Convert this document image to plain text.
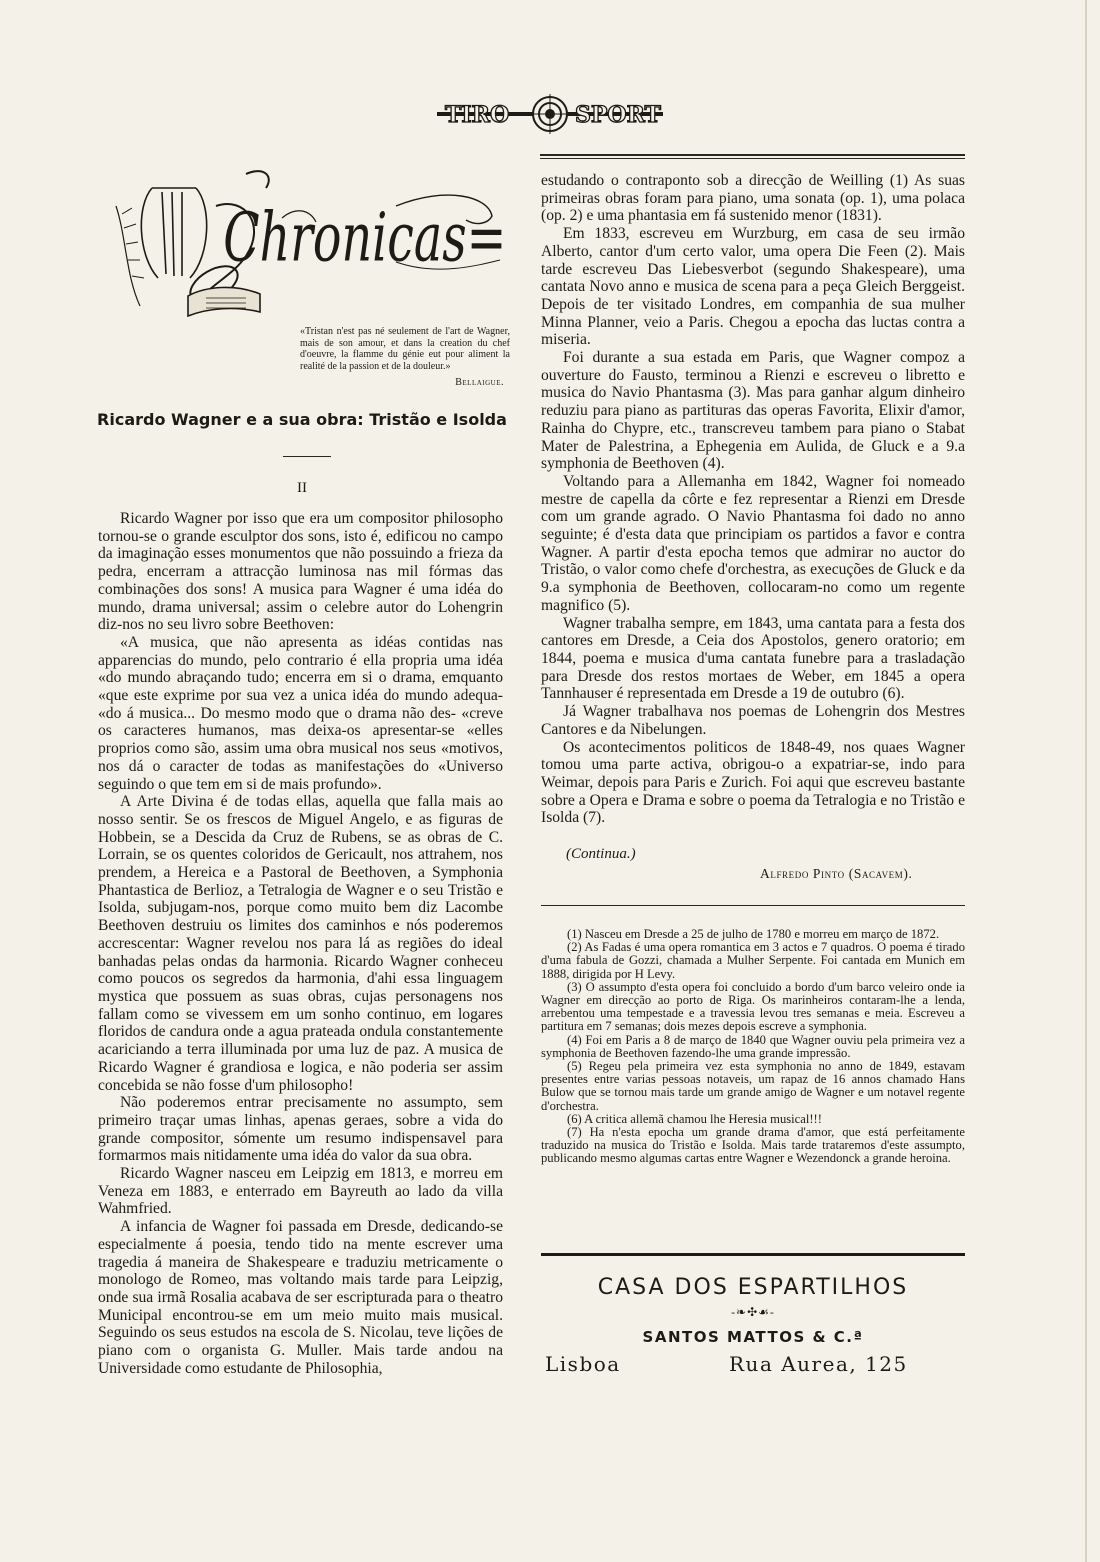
TIRO	SPORT
Chronicas=
«Tristan n'est pas né seulement de l'art de Wagner, mais de son amour, et dans la creation du chef d'oeuvre, la flamme du génie eut pour aliment la realité de la passion et de la douleur.»
Bellaigue.
Ricardo Wagner e a sua obra: Tristão e Isolda
II

Ricardo Wagner por isso que era um compositor philosopho tornou-se o grande esculptor dos sons, isto é, edificou no campo da imaginação esses monumentos que não possuindo a frieza da pedra, encerram a attracção luminosa nas mil fórmas das combinações dos sons! A musica para Wagner é uma idéa do mundo, drama universal; assim o celebre autor do Lohengrin diz-nos no seu livro sobre Beethoven:

«A musica, que não apresenta as idéas contidas nas apparencias do mundo, pelo contrario é ella propria uma idéa «do mundo abraçando tudo; encerra em si o drama, emquanto «que este exprime por sua vez a unica idéa do mundo adequa- «do á musica... Do mesmo modo que o drama não des- «creve os caracteres humanos, mas deixa-os apresentar-se «elles proprios como são, assim uma obra musical nos seus «motivos, nos dá o caracter de todas as manifestações do «Universo seguindo o que tem em si de mais profundo».

A Arte Divina é de todas ellas, aquella que falla mais ao nosso sentir. Se os frescos de Miguel Angelo, e as figuras de Hobbein, se a Descida da Cruz de Rubens, se as obras de C. Lorrain, se os quentes coloridos de Gericault, nos attrahem, nos prendem, a Hereica e a Pastoral de Beethoven, a Symphonia Phantastica de Berlioz, a Tetralogia de Wagner e o seu Tristão e Isolda, subjugam-nos, porque como muito bem diz Lacombe Beethoven destruiu os limites dos caminhos e nós poderemos accrescentar: Wagner revelou nos para lá as regiões do ideal banhadas pelas ondas da harmonia. Ricardo Wagner conheceu como poucos os segredos da harmonia, d'ahi essa linguagem mystica que possuem as suas obras, cujas personagens nos fallam como se vivessem em um sonho continuo, em logares floridos de candura onde a agua prateada ondula constantemente acariciando a terra illuminada por uma luz de paz. A musica de Ricardo Wagner é grandiosa e logica, e não poderia ser assim concebida se não fosse d'um philosopho!

Não poderemos entrar precisamente no assumpto, sem primeiro traçar umas linhas, apenas geraes, sobre a vida do grande compositor, sómente um resumo indispensavel para formarmos mais nitidamente uma idéa do valor da sua obra.

Ricardo Wagner nasceu em Leipzig em 1813, e morreu em Veneza em 1883, e enterrado em Bayreuth ao lado da villa Wahmfried.

A infancia de Wagner foi passada em Dresde, dedicando-se especialmente á poesia, tendo tido na mente escrever uma tragedia á maneira de Shakespeare e traduziu metricamente o monologo de Romeo, mas voltando mais tarde para Leipzig, onde sua irmã Rosalia acabava de ser escripturada para o theatro Municipal encontrou-se em um meio muito mais musical. Seguindo os seus estudos na escola de S. Nicolau, teve lições de piano com o organista G. Muller. Mais tarde andou na Universidade como estudante de Philosophia,

estudando o contraponto sob a direcção de Weilling (1) As suas primeiras obras foram para piano, uma sonata (op. 1), uma polaca (op. 2) e uma phantasia em fá sustenido menor (1831).

Em 1833, escreveu em Wurzburg, em casa de seu irmão Alberto, cantor d'um certo valor, uma opera Die Feen (2). Mais tarde escreveu Das Liebesverbot (segundo Shakespeare), uma cantata Novo anno e musica de scena para a peça Gleich Berggeist. Depois de ter visitado Londres, em companhia de sua mulher Minna Planner, veio a Paris. Chegou a epocha das luctas contra a miseria.

Foi durante a sua estada em Paris, que Wagner compoz a ouverture do Fausto, terminou a Rienzi e escreveu o libretto e musica do Navio Phantasma (3). Mas para ganhar algum dinheiro reduziu para piano as partituras das operas Favorita, Elixir d'amor, Rainha do Chypre, etc., transcreveu tambem para piano o Stabat Mater de Palestrina, a Ephegenia em Aulida, de Gluck e a 9.a symphonia de Beethoven (4).

Voltando para a Allemanha em 1842, Wagner foi nomeado mestre de capella da côrte e fez representar a Rienzi em Dresde com um grande agrado. O Navio Phantasma foi dado no anno seguinte; é d'esta data que principiam os partidos a favor e contra Wagner. A partir d'esta epocha temos que admirar no auctor do Tristão, o valor como chefe d'orchestra, as execuções de Gluck e da 9.a symphonia de Beethoven, collocaram-no como um regente magnifico (5).

Wagner trabalha sempre, em 1843, uma cantata para a festa dos cantores em Dresde, a Ceia dos Apostolos, genero oratorio; em 1844, poema e musica d'uma cantata funebre para a trasladação para Dresde dos restos mortaes de Weber, em 1845 a opera Tannhauser é representada em Dresde a 19 de outubro (6).

Já Wagner trabalhava nos poemas de Lohengrin dos Mestres Cantores e da Nibelungen.

Os acontecimentos politicos de 1848-49, nos quaes Wagner tomou uma parte activa, obrigou-o a expatriar-se, indo para Weimar, depois para Paris e Zurich. Foi aqui que escreveu bastante sobre a Opera e Drama e sobre o poema da Tetralogia e no Tristão e Isolda (7).

(Continua.)
Alfredo Pinto (Sacavem).

(1) Nasceu em Dresde a 25 de julho de 1780 e morreu em março de 1872.

(2) As Fadas é uma opera romantica em 3 actos e 7 quadros. O poema é tirado d'uma fabula de Gozzi, chamada a Mulher Serpente. Foi cantada em Munich em 1888, dirigida por H Levy.

(3) O assumpto d'esta opera foi concluido a bordo d'um barco veleiro onde ia Wagner em direcção ao porto de Riga. Os marinheiros contaram-lhe a lenda, arrebentou uma tempestade e a travessia levou tres semanas e meia. Escreveu a partitura em 7 semanas; dois mezes depois escreve a symphonia.

(4) Foi em Paris a 8 de março de 1840 que Wagner ouviu pela primeira vez a symphonia de Beethoven fazendo-lhe uma grande impressão.

(5) Regeu pela primeira vez esta symphonia no anno de 1849, estavam presentes entre varias pessoas notaveis, um rapaz de 16 annos chamado Hans Bulow que se tornou mais tarde um grande amigo de Wagner e um notavel regente d'orchestra.

(6) A critica allemã chamou lhe Heresia musical!!!

(7) Ha n'esta epocha um grande drama d'amor, que está perfeitamente traduzido na musica do Tristão e Isolda. Mais tarde trataremos d'este assumpto, publicando mesmo algumas cartas entre Wagner e Wezendonck a grande heroina.

CASA DOS ESPARTILHOS
-❧✣☙-
SANTOS MATTOS & C.ª
Lisboa	Rua Aurea, 125
